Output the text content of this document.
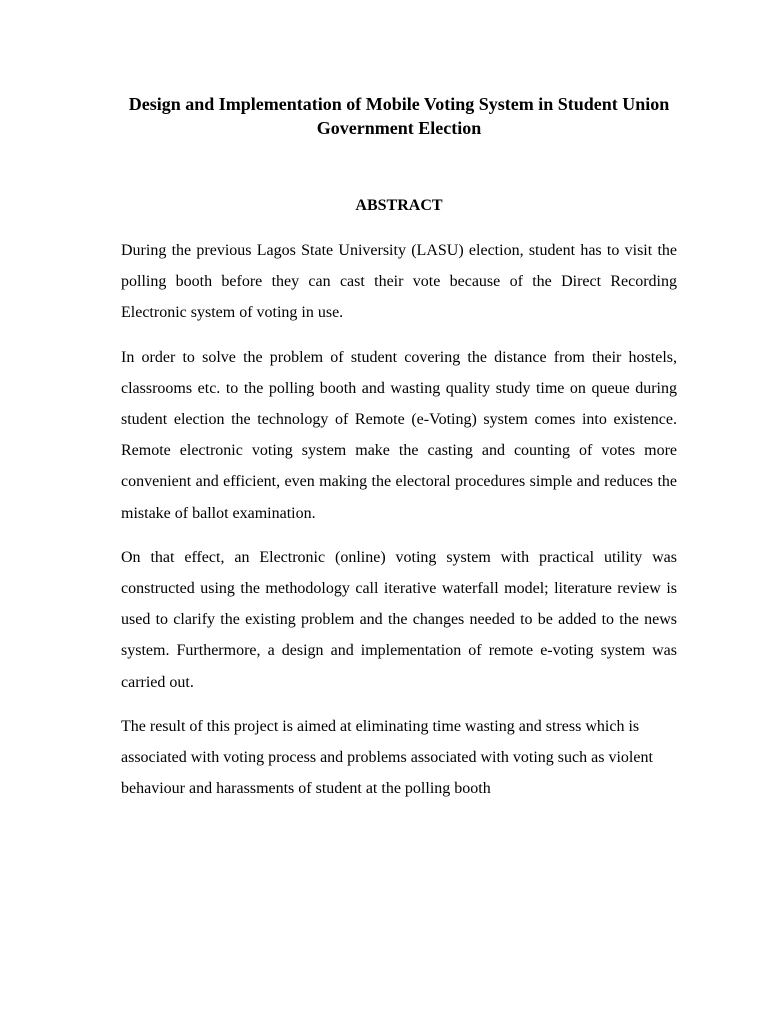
Design and Implementation of Mobile Voting System in Student Union Government Election
ABSTRACT

During the previous Lagos State University (LASU) election, student has to visit the polling booth before they can cast their vote because of the Direct Recording Electronic system of voting in use.

In order to solve the problem of student covering the distance from their hostels, classrooms etc. to the polling booth and wasting quality study time on queue during student election the technology of Remote (e-Voting) system comes into existence. Remote electronic voting system make the casting and counting of votes more convenient and efficient, even making the electoral procedures simple and reduces the mistake of ballot examination.

On that effect, an Electronic (online) voting system with practical utility was constructed using the methodology call iterative waterfall model; literature review is used to clarify the existing problem and the changes needed to be added to the news system. Furthermore, a design and implementation of remote e-voting system was carried out.

The result of this project is aimed at eliminating time wasting and stress which is associated with voting process and problems associated with voting such as violent behaviour and harassments of student at the polling booth
